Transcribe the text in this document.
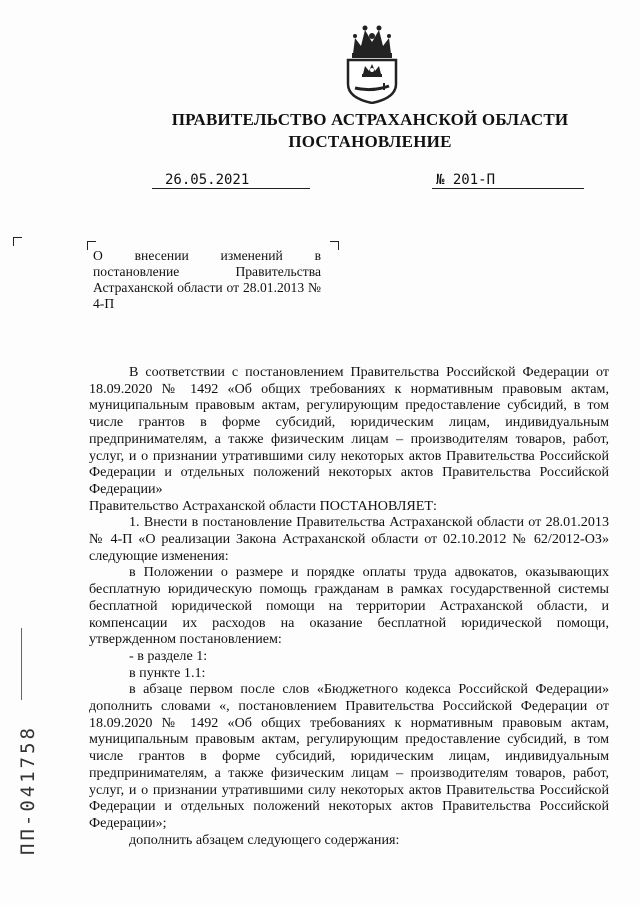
ПРАВИТЕЛЬСТВО АСТРАХАНСКОЙ ОБЛАСТИ
ПОСТАНОВЛЕНИЕ
26.05.2021	№ 201-П
О внесении изменений в постановление Правительства Астраханской области от 28.01.2013 № 4-П

В соответствии с постановлением Правительства Российской Федерации от 18.09.2020 № 1492 «Об общих требованиях к нормативным правовым актам, муниципальным правовым актам, регулирующим предоставление субсидий, в том числе грантов в форме субсидий, юридическим лицам, индивидуальным предпринимателям, а также физическим лицам – производителям товаров, работ, услуг, и о признании утратившими силу некоторых актов Правительства Российской Федерации и отдельных положений некоторых актов Правительства Российской Федерации»

Правительство Астраханской области ПОСТАНОВЛЯЕТ:

1. Внести в постановление Правительства Астраханской области от 28.01.2013 № 4-П «О реализации Закона Астраханской области от 02.10.2012 № 62/2012-ОЗ» следующие изменения:

в Положении о размере и порядке оплаты труда адвокатов, оказывающих бесплатную юридическую помощь гражданам в рамках государственной системы бесплатной юридической помощи на территории Астраханской области, и компенсации их расходов на оказание бесплатной юридической помощи, утвержденном постановлением:

- в разделе 1:

в пункте 1.1:

в абзаце первом после слов «Бюджетного кодекса Российской Федерации» дополнить словами «, постановлением Правительства Российской Федерации от 18.09.2020 № 1492 «Об общих требованиях к нормативным правовым актам, муниципальным правовым актам, регулирующим предоставление субсидий, в том числе грантов в форме субсидий, юридическим лицам, индивидуальным предпринимателям, а также физическим лицам – производителям товаров, работ, услуг, и о признании утратившими силу некоторых актов Правительства Российской Федерации и отдельных положений некоторых актов Правительства Российской Федерации»;

дополнить абзацем следующего содержания:

ПП-041758
